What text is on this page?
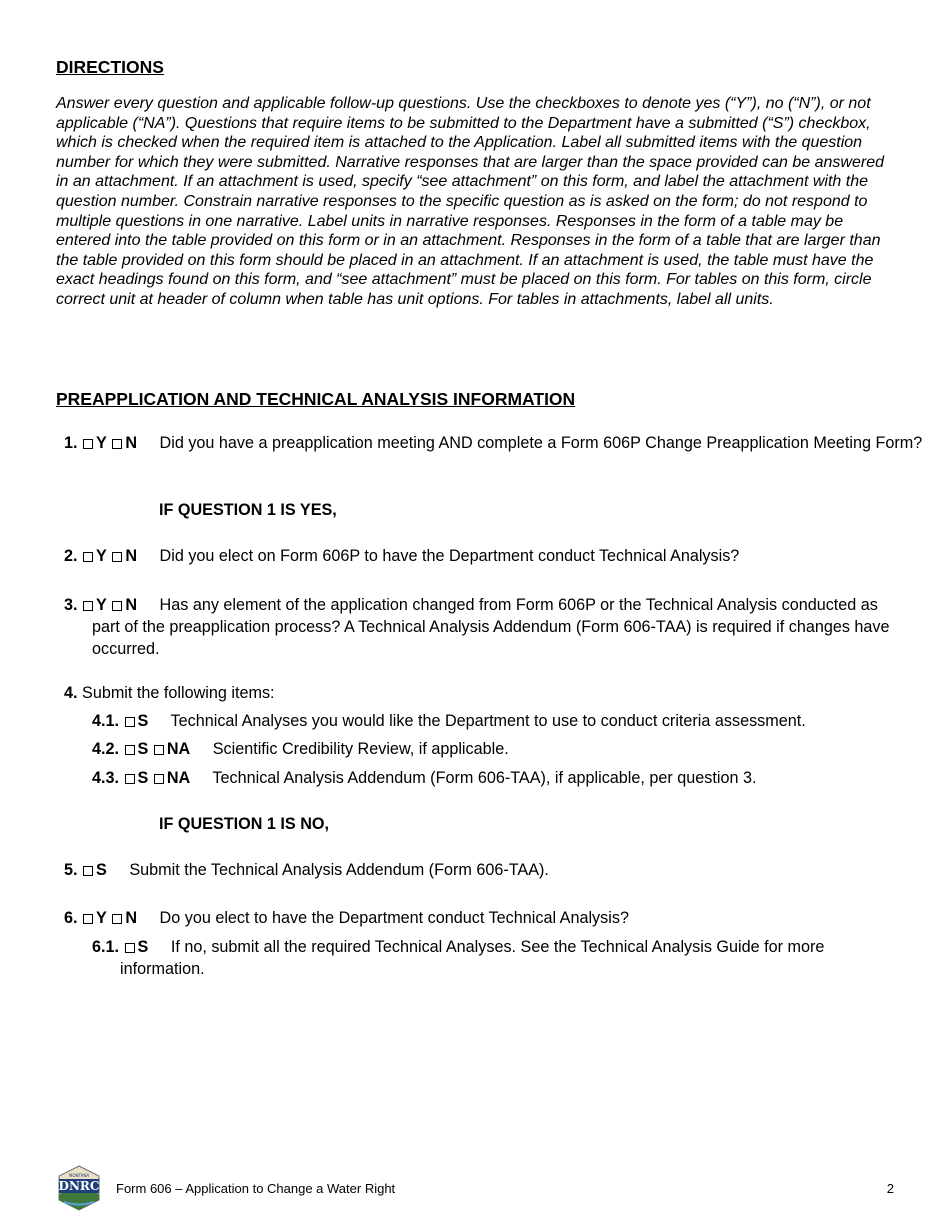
DIRECTIONS
Answer every question and applicable follow-up questions. Use the checkboxes to denote yes (“Y”), no (“N”), or not applicable (“NA”). Questions that require items to be submitted to the Department have a submitted (“S”) checkbox, which is checked when the required item is attached to the Application. Label all submitted items with the question number for which they were submitted. Narrative responses that are larger than the space provided can be answered in an attachment. If an attachment is used, specify “see attachment” on this form, and label the attachment with the question number. Constrain narrative responses to the specific question as is asked on the form; do not respond to multiple questions in one narrative. Label units in narrative responses. Responses in the form of a table may be entered into the table provided on this form or in an attachment. Responses in the form of a table that are larger than the table provided on this form should be placed in an attachment. If an attachment is used, the table must have the exact headings found on this form, and “see attachment” must be placed on this form. For tables on this form, circle correct unit at header of column when table has unit options. For tables in attachments, label all units.
PREAPPLICATION AND TECHNICAL ANALYSIS INFORMATION
1. Y N Did you have a preapplication meeting AND complete a Form 606P Change Preapplication Meeting Form?
IF QUESTION 1 IS YES,
2. Y N Did you elect on Form 606P to have the Department conduct Technical Analysis?
3. Y N Has any element of the application changed from Form 606P or the Technical Analysis conducted as part of the preapplication process? A Technical Analysis Addendum (Form 606-TAA) is required if changes have occurred.
4. Submit the following items:
4.1. S Technical Analyses you would like the Department to use to conduct criteria assessment.
4.2. S NA Scientific Credibility Review, if applicable.
4.3. S NA Technical Analysis Addendum (Form 606-TAA), if applicable, per question 3.
IF QUESTION 1 IS NO,
5. S Submit the Technical Analysis Addendum (Form 606-TAA).
6. Y N Do you elect to have the Department conduct Technical Analysis?
6.1. S If no, submit all the required Technical Analyses. See the Technical Analysis Guide for more information.
MONTANA
DNRC Form 606 – Application to Change a Water Right	2
